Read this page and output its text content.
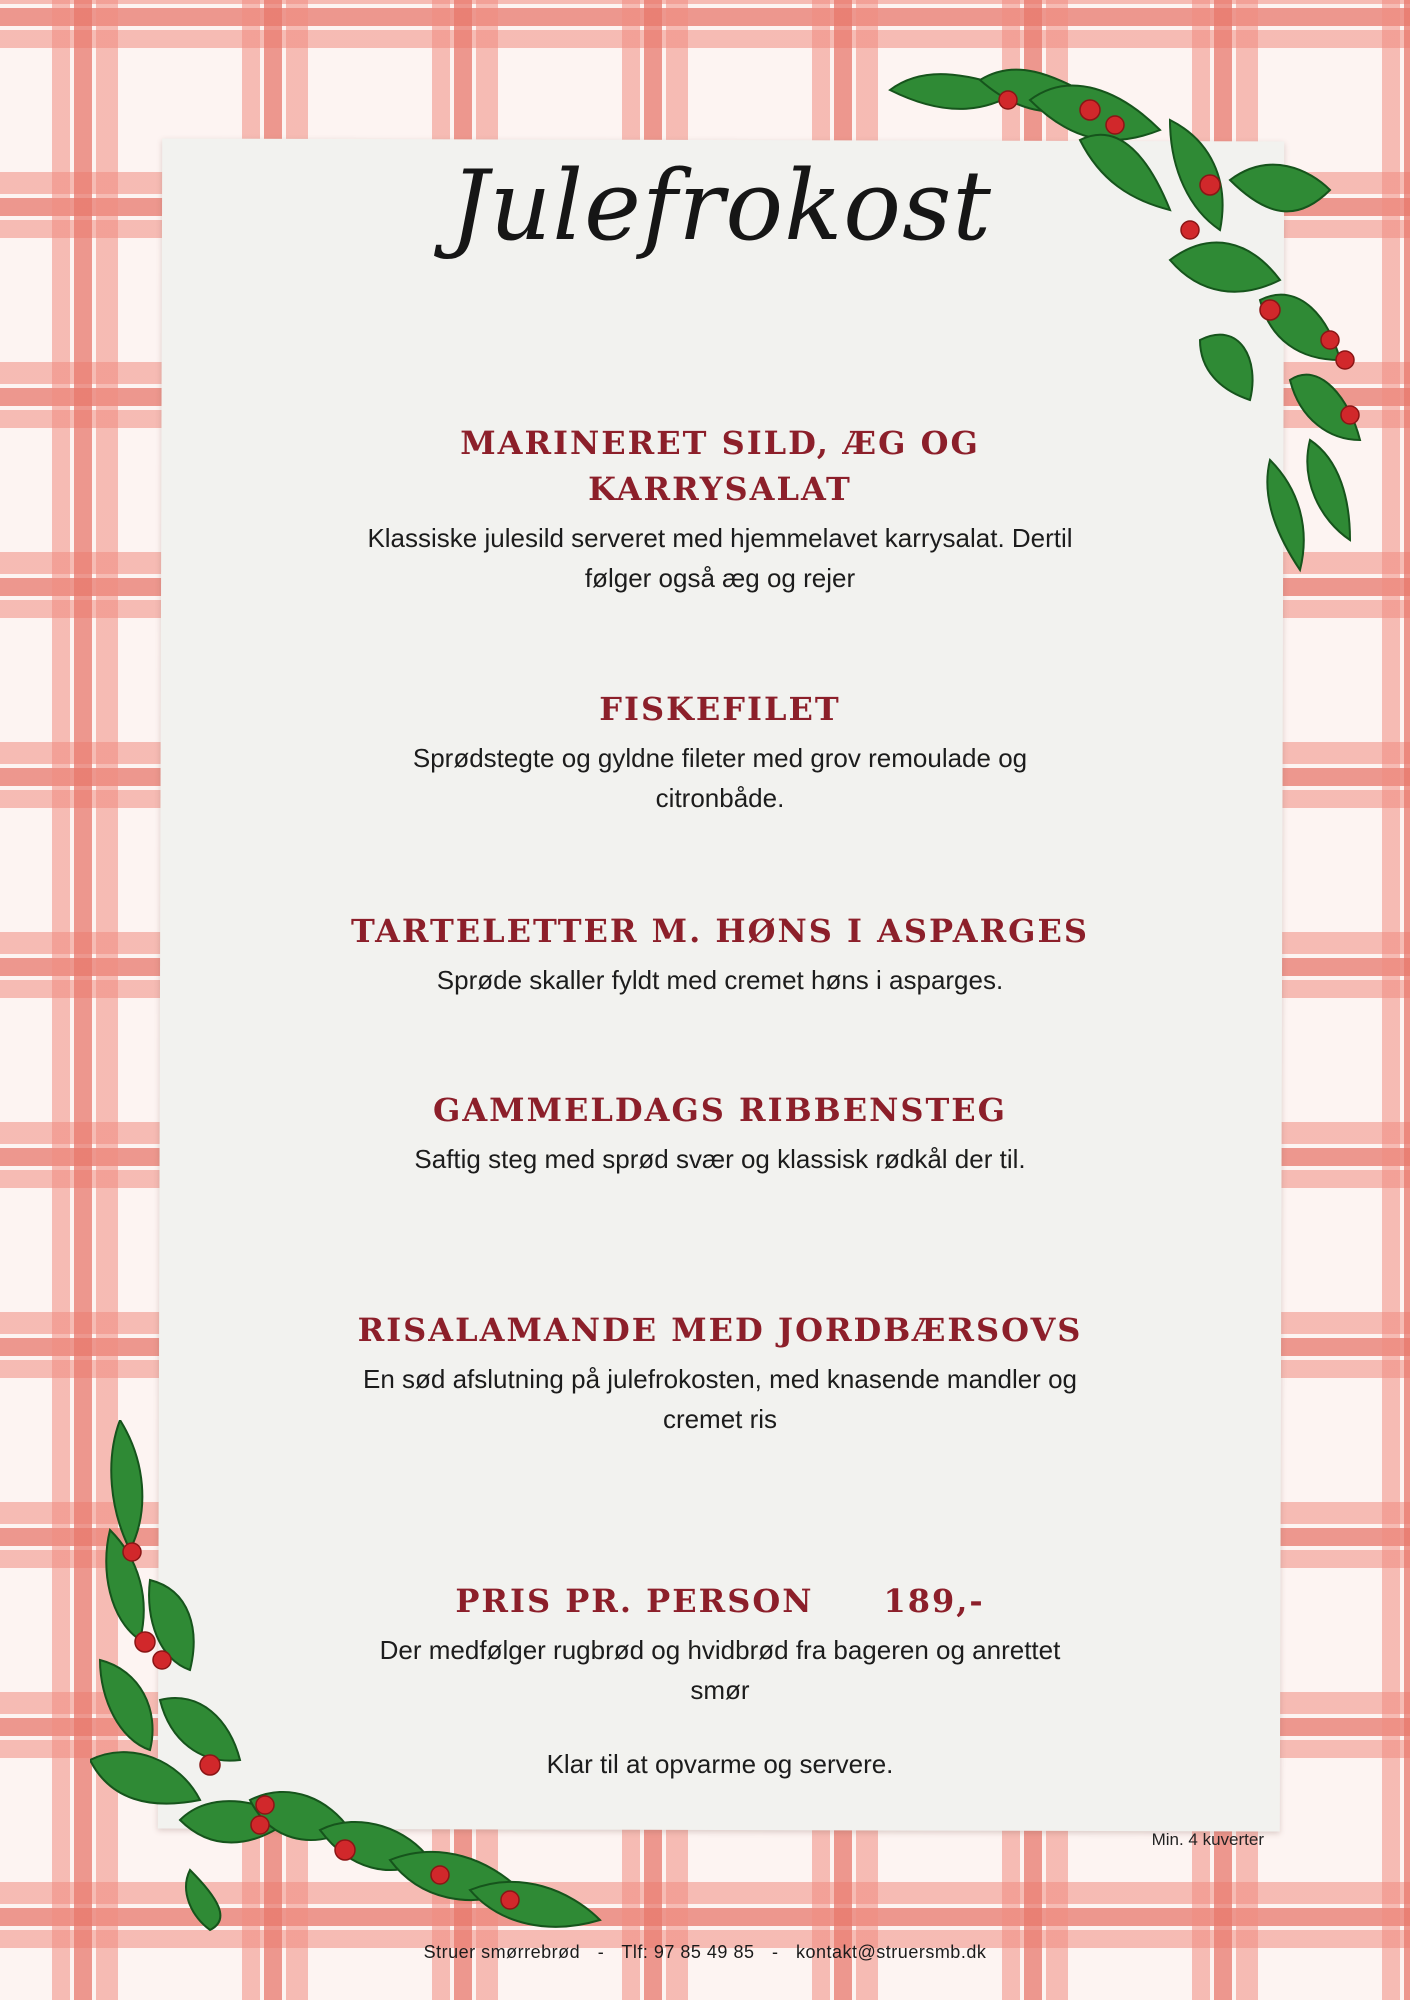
Julefrokost

MARINERET SILD, ÆG OG
KARRYSALAT

Klassiske julesild serveret med hjemmelavet karrysalat. Dertil
følger også æg og rejer

FISKEFILET

Sprødstegte og gyldne fileter med grov remoulade og
citronbåde.

TARTELETTER M. HØNS I ASPARGES

Sprøde skaller fyldt med cremet høns i asparges.

GAMMELDAGS RIBBENSTEG

Saftig steg med sprød svær og klassisk rødkål der til.

RISALAMANDE MED JORDBÆRSOVS

En sød afslutning på julefrokosten, med knasende mandler og
cremet ris

PRIS PR. PERSON 189,-

Der medfølger rugbrød og hvidbrød fra bageren og anrettet
smør

Klar til at opvarme og servere.

Min. 4 kuverter
Struer smørrebrød - Tlf: 97 85 49 85 - kontakt@struersmb.dk
